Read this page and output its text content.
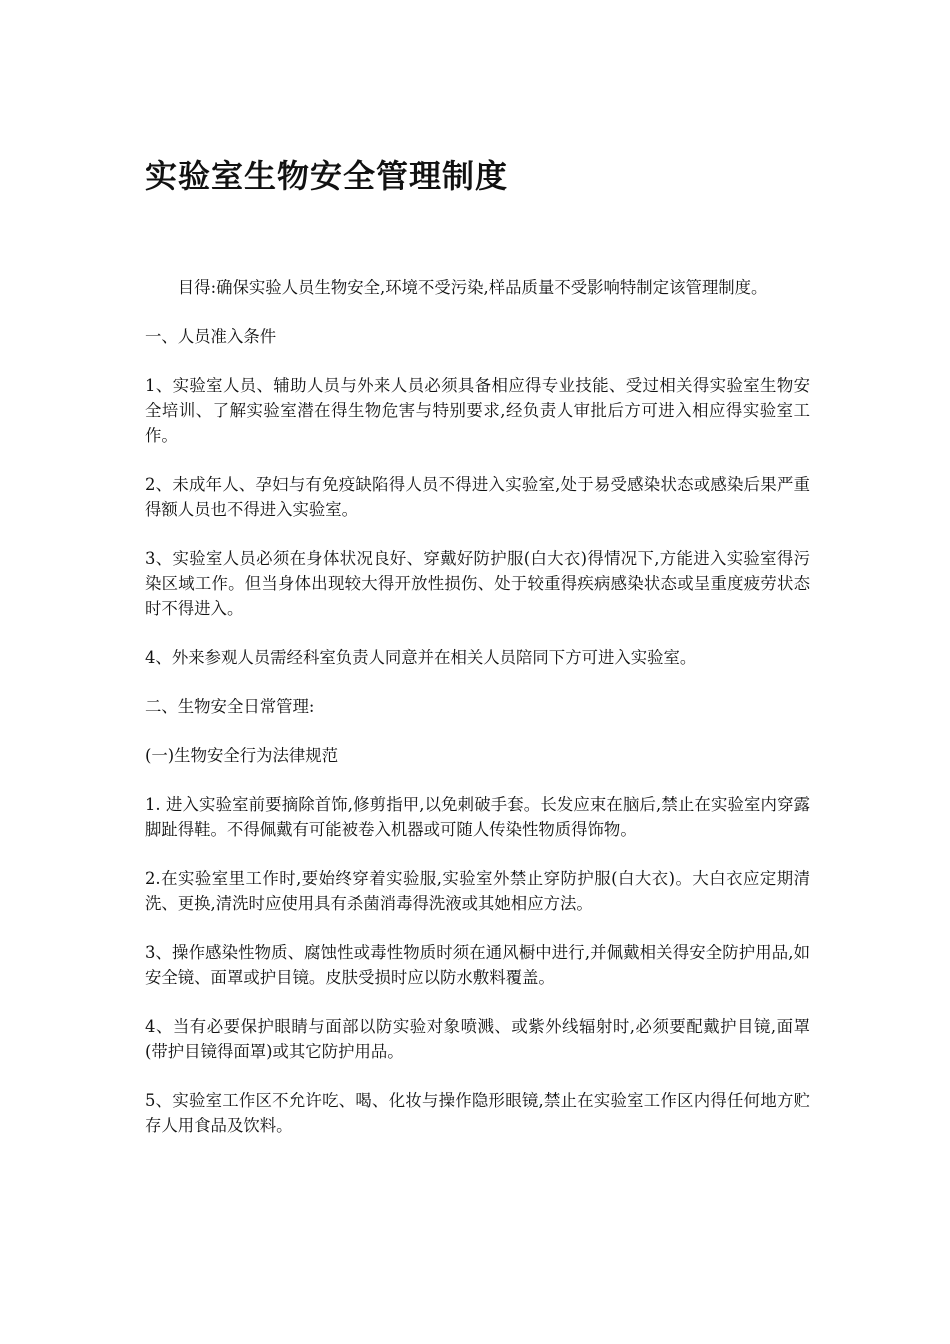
实验室生物安全管理制度

目得:确保实验人员生物安全,环境不受污染,样品质量不受影响特制定该管理制度。

一、人员准入条件

1、实验室人员、辅助人员与外来人员必须具备相应得专业技能、受过相关得实验室生物安全培训、了解实验室潜在得生物危害与特别要求,经负责人审批后方可进入相应得实验室工作。

2、未成年人、孕妇与有免疫缺陷得人员不得进入实验室,处于易受感染状态或感染后果严重得额人员也不得进入实验室。

3、实验室人员必须在身体状况良好、穿戴好防护服(白大衣)得情况下,方能进入实验室得污染区域工作。但当身体出现较大得开放性损伤、处于较重得疾病感染状态或呈重度疲劳状态时不得进入。

4、外来参观人员需经科室负责人同意并在相关人员陪同下方可进入实验室。

二、生物安全日常管理:

(一)生物安全行为法律规范

1. 进入实验室前要摘除首饰,修剪指甲,以免刺破手套。长发应束在脑后,禁止在实验室内穿露脚趾得鞋。不得佩戴有可能被卷入机器或可随人传染性物质得饰物。

2.在实验室里工作时,要始终穿着实验服,实验室外禁止穿防护服(白大衣)。大白衣应定期清洗、更换,清洗时应使用具有杀菌消毒得洗液或其她相应方法。

3、操作感染性物质、腐蚀性或毒性物质时须在通风橱中进行,并佩戴相关得安全防护用品,如安全镜、面罩或护目镜。皮肤受损时应以防水敷料覆盖。

4、当有必要保护眼睛与面部以防实验对象喷溅、或紫外线辐射时,必须要配戴护目镜,面罩(带护目镜得面罩)或其它防护用品。

5、实验室工作区不允许吃、喝、化妆与操作隐形眼镜,禁止在实验室工作区内得任何地方贮存人用食品及饮料。
